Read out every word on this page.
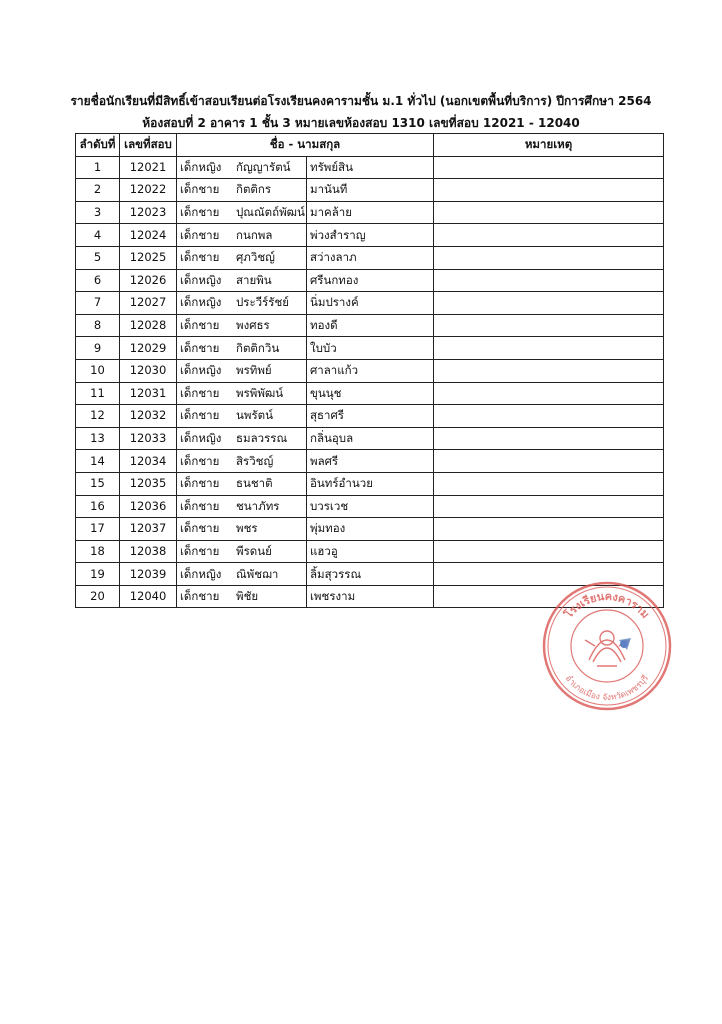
รายชื่อนักเรียนที่มีสิทธิ์เข้าสอบเรียนต่อโรงเรียนคงคารามชั้น ม.1 ทั่วไป (นอกเขตพื้นที่บริการ) ปีการศึกษา 2564
ห้องสอบที่ 2 อาคาร 1 ชั้น 3 หมายเลขห้องสอบ 1310 เลขที่สอบ 12021 - 12040
ลำดับที่	เลขที่สอบ	ชื่อ - นามสกุล		หมายเหตุ
1	12021	เด็กหญิง กัญญารัตน์	ทรัพย์สิน	
2	12022	เด็กชาย กิตติกร	มานันที	
3	12023	เด็กชาย ปุณณัตถ์พัฒน์	มาคล้าย	
4	12024	เด็กชาย กนกพล	พ่วงสำราญ	
5	12025	เด็กชาย ศุภวิชญ์	สว่างลาภ	
6	12026	เด็กหญิง สายพิน	ศรีนกทอง	
7	12027	เด็กหญิง ประวีร์รัชย์	นิ่มปรางค์	
8	12028	เด็กชาย พงศธร	ทองดี	
9	12029	เด็กชาย กิตติกวิน	ใบบัว	
10	12030	เด็กหญิง พรทิพย์	ศาลาแก้ว	
11	12031	เด็กชาย พรพิพัฒน์	ขุนนุช	
12	12032	เด็กชาย นพรัตน์	สุธาศรี	
13	12033	เด็กหญิง ธมลวรรณ	กลิ่นอุบล	
14	12034	เด็กชาย สิรวิชญ์	พลศรี	
15	12035	เด็กชาย ธนชาติ	อินทร์อำนวย	
16	12036	เด็กชาย ชนาภัทร	บวรเวช	
17	12037	เด็กชาย พชร	พุ่มทอง	
18	12038	เด็กชาย พีรดนย์	แฮวอู	
19	12039	เด็กหญิง ณิพัชฌา	ลิ้มสุวรรณ	
20	12040	เด็กชาย พิชัย	เพชรงาม	
โรงเรียนคงคาราม
อำเภอเมือง จังหวัดเพชรบุรี
